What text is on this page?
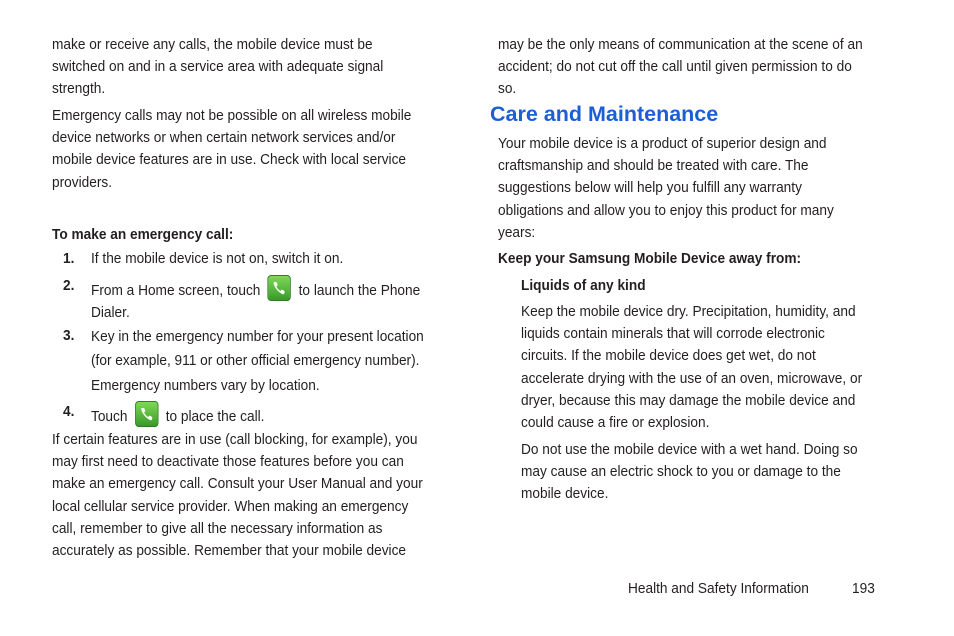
make or receive any calls, the mobile device must be
switched on and in a service area with adequate signal
strength.
Emergency calls may not be possible on all wireless mobile
device networks or when certain network services and/or
mobile device features are in use. Check with local service
providers.
To make an emergency call:
1. If the mobile device is not on, switch it on.
2. From a Home screen, touch	to launch the Phone
Dialer.
3. Key in the emergency number for your present location
(for example, 911 or other official emergency number).
Emergency numbers vary by location.
4. Touch	to place the call.
If certain features are in use (call blocking, for example), you
may first need to deactivate those features before you can
make an emergency call. Consult your User Manual and your
local cellular service provider. When making an emergency
call, remember to give all the necessary information as
accurately as possible. Remember that your mobile device
may be the only means of communication at the scene of an
accident; do not cut off the call until given permission to do
so.
Care and Maintenance
Your mobile device is a product of superior design and
craftsmanship and should be treated with care. The
suggestions below will help you fulfill any warranty
obligations and allow you to enjoy this product for many
years:
Keep your Samsung Mobile Device away from:
Liquids of any kind
Keep the mobile device dry. Precipitation, humidity, and
liquids contain minerals that will corrode electronic
circuits. If the mobile device does get wet, do not
accelerate drying with the use of an oven, microwave, or
dryer, because this may damage the mobile device and
could cause a fire or explosion.
Do not use the mobile device with a wet hand. Doing so
may cause an electric shock to you or damage to the
mobile device.
Health and Safety Information	193
